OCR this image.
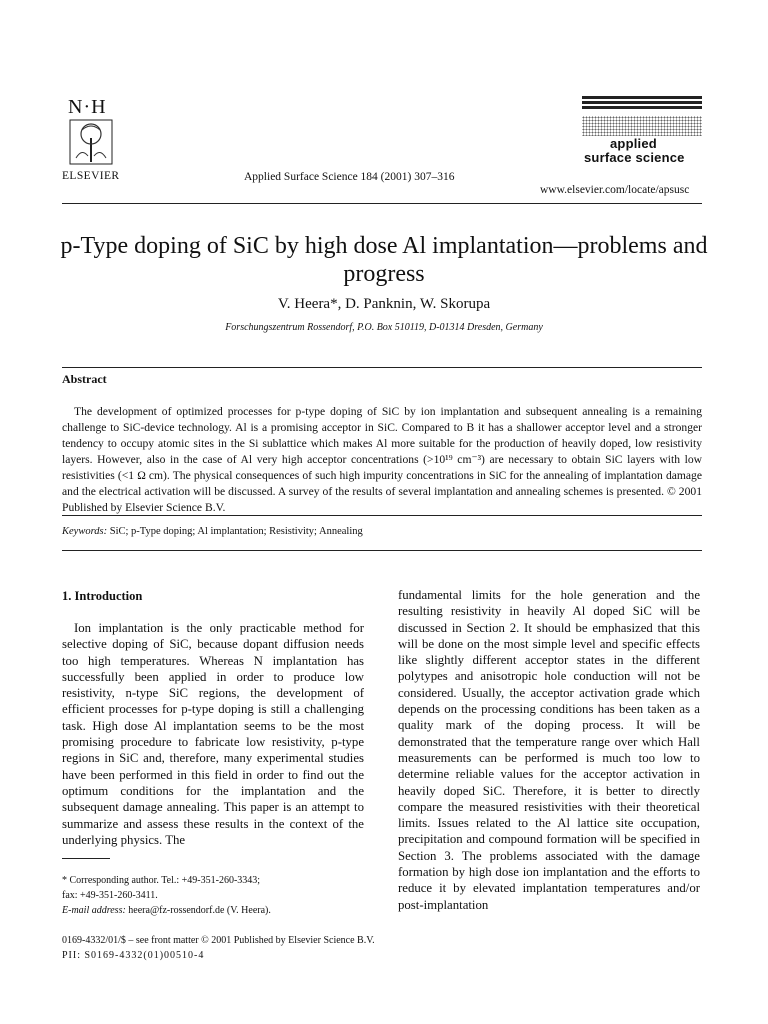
N·H
ELSEVIER	Applied Surface Science 184 (2001) 307–316
applied
surface science
www.elsevier.com/locate/apsusc
p-Type doping of SiC by high dose Al implantation—problems and progress
V. Heera*, D. Panknin, W. Skorupa
Forschungszentrum Rossendorf, P.O. Box 510119, D-01314 Dresden, Germany
Abstract
The development of optimized processes for p-type doping of SiC by ion implantation and subsequent annealing is a remaining challenge to SiC-device technology. Al is a promising acceptor in SiC. Compared to B it has a shallower acceptor level and a stronger tendency to occupy atomic sites in the Si sublattice which makes Al more suitable for the production of heavily doped, low resistivity layers. However, also in the case of Al very high acceptor concentrations (>10¹⁹ cm⁻³) are necessary to obtain SiC layers with low resistivities (<1 Ω cm). The physical consequences of such high impurity concentrations in SiC for the annealing of implantation damage and the electrical activation will be discussed. A survey of the results of several implantation and annealing schemes is presented. © 2001 Published by Elsevier Science B.V.
Keywords: SiC; p-Type doping; Al implantation; Resistivity; Annealing
1. Introduction
Ion implantation is the only practicable method for selective doping of SiC, because dopant diffusion needs too high temperatures. Whereas N implantation has successfully been applied in order to produce low resistivity, n-type SiC regions, the development of efficient processes for p-type doping is still a challenging task. High dose Al implantation seems to be the most promising procedure to fabricate low resistivity, p-type regions in SiC and, therefore, many experimental studies have been performed in this field in order to find out the optimum conditions for the implantation and the subsequent damage annealing. This paper is an attempt to summarize and assess these results in the context of the underlying physics. The
fundamental limits for the hole generation and the resulting resistivity in heavily Al doped SiC will be discussed in Section 2. It should be emphasized that this will be done on the most simple level and specific effects like slightly different acceptor states in the different polytypes and anisotropic hole conduction will not be considered. Usually, the acceptor activation grade which depends on the processing conditions has been taken as a quality mark of the doping process. It will be demonstrated that the temperature range over which Hall measurements can be performed is much too low to determine reliable values for the acceptor activation in heavily doped SiC. Therefore, it is better to directly compare the measured resistivities with their theoretical limits. Issues related to the Al lattice site occupation, precipitation and compound formation will be specified in Section 3. The problems associated with the damage formation by high dose ion implantation and the efforts to reduce it by elevated implantation temperatures and/or post-implantation
* Corresponding author. Tel.: +49-351-260-3343;
fax: +49-351-260-3411.
E-mail address: heera@fz-rossendorf.de (V. Heera).
0169-4332/01/$ – see front matter © 2001 Published by Elsevier Science B.V.
PII: S0169-4332(01)00510-4
